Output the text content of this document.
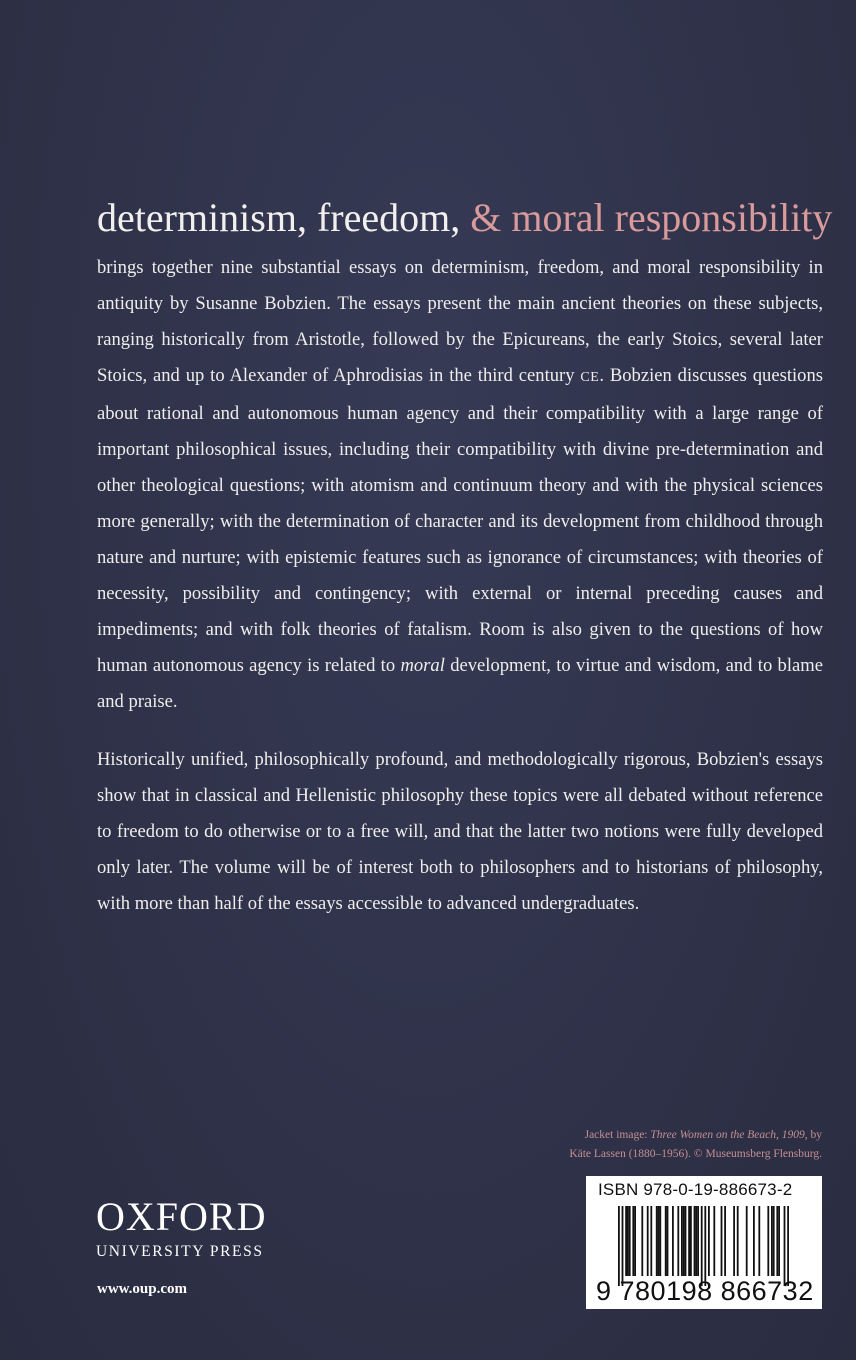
determinism, freedom, & moral responsibility

brings together nine substantial essays on determinism, freedom, and moral responsibility in antiquity by Susanne Bobzien. The essays present the main ancient theories on these subjects, ranging historically from Aristotle, followed by the Epicureans, the early Stoics, several later Stoics, and up to Alexander of Aphrodisias in the third century CE. Bobzien discusses questions about rational and autonomous human agency and their compatibility with a large range of important philosophical issues, including their compatibility with divine pre-determination and other theological questions; with atomism and continuum theory and with the physical sciences more generally; with the determination of character and its development from childhood through nature and nurture; with epistemic features such as ignorance of circumstances; with theories of necessity, possibility and contingency; with external or internal preceding causes and impediments; and with folk theories of fatalism. Room is also given to the questions of how human autonomous agency is related to moral development, to virtue and wisdom, and to blame and praise.

Historically unified, philosophically profound, and methodologically rigorous, Bobzien's essays show that in classical and Hellenistic philosophy these topics were all debated without reference to freedom to do otherwise or to a free will, and that the latter two notions were fully developed only later. The volume will be of interest both to philosophers and to historians of philosophy, with more than half of the essays accessible to advanced undergraduates.

Jacket image: Three Women on the Beach, 1909, by
Käte Lassen (1880–1956). © Museumsberg Flensburg.
OXFORD
UNIVERSITY PRESS
www.oup.com
ISBN 978-0-19-886673-2
9 780198 866732
